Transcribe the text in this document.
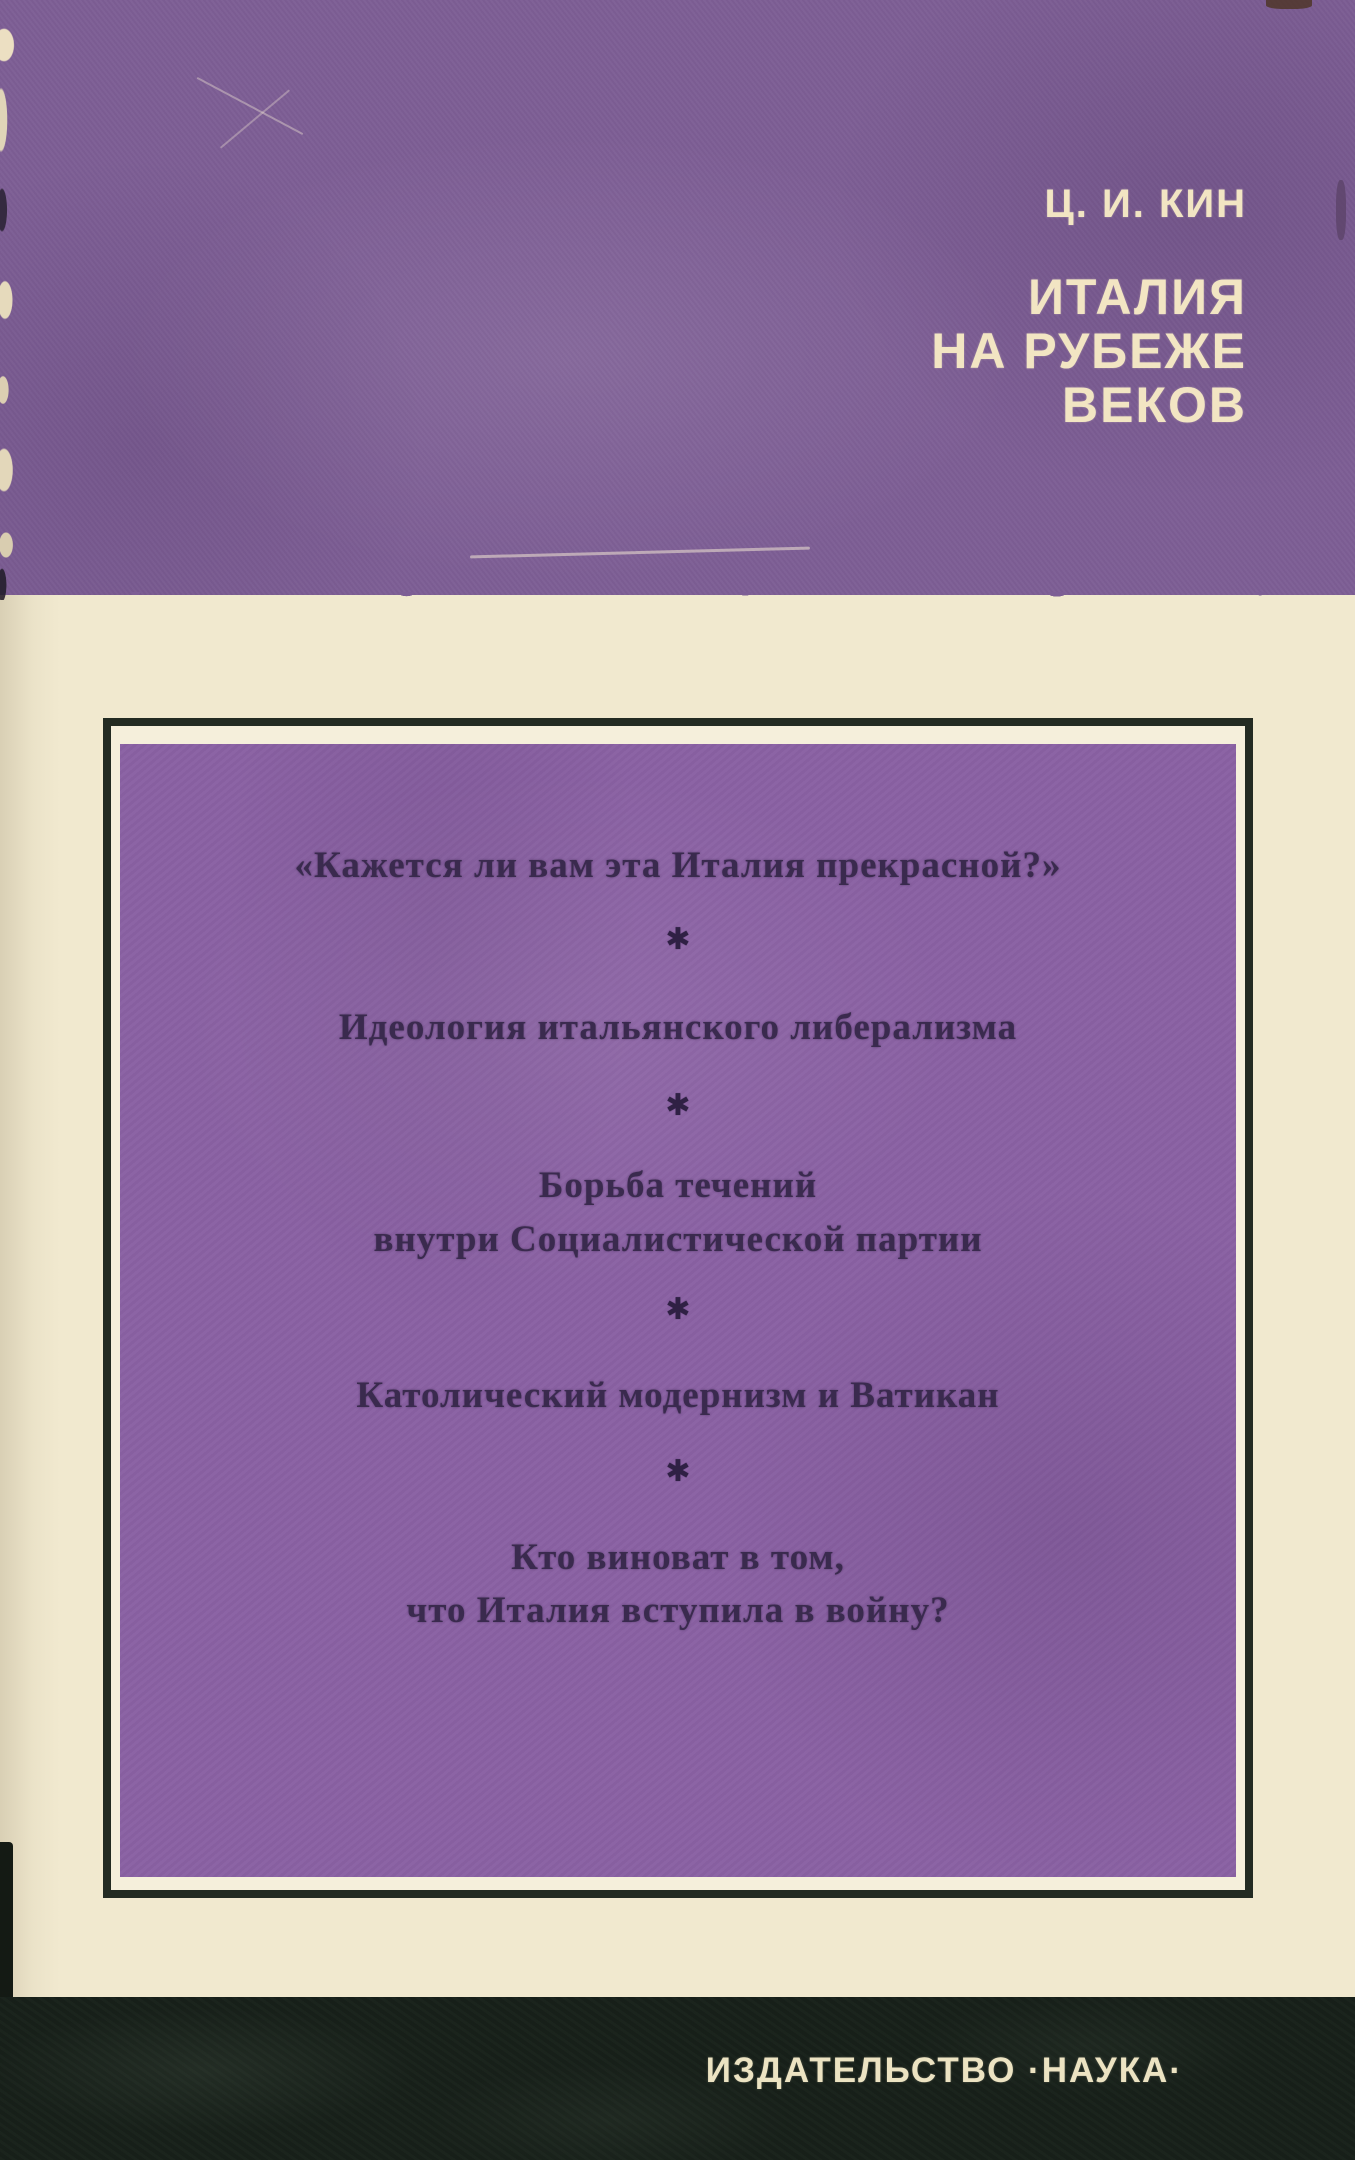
Ц. И. КИН
ИТАЛИЯ
НА РУБЕЖЕ
ВЕКОВ
«Кажется ли вам эта Италия прекрасной?»
✱
Идеология итальянского либерализма
✱
Борьба течений
внутри Социалистической партии
✱
Католический модернизм и Ватикан
✱
Кто виноват в том,
что Италия вступила в войну?
ИЗДАТЕЛЬСТВО ·НАУКА·
